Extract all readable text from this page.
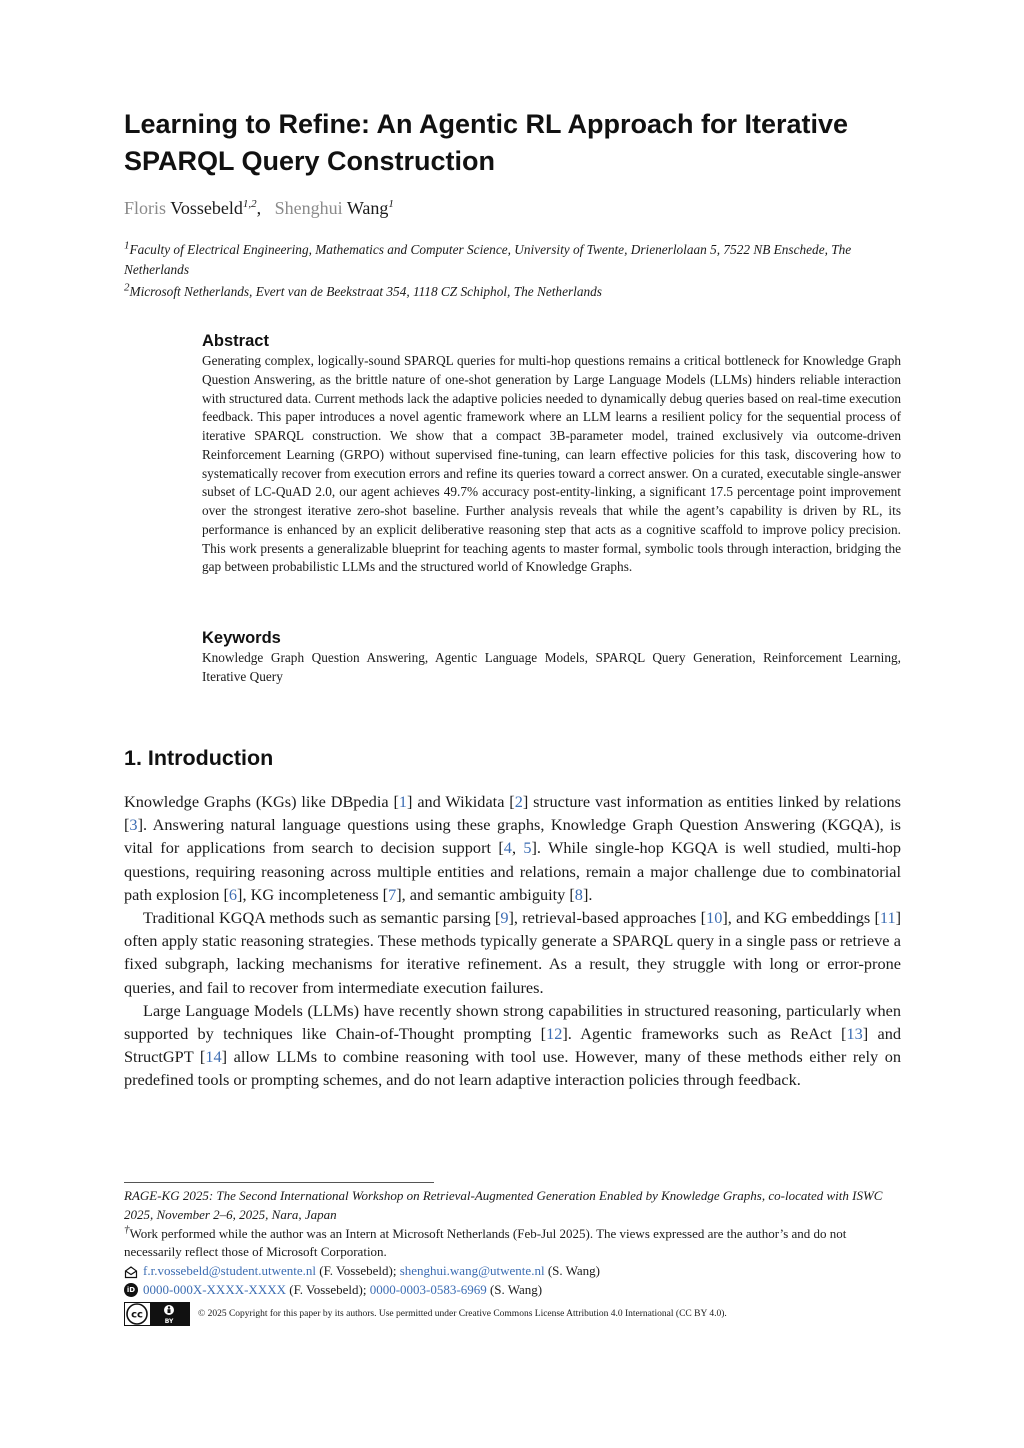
Learning to Refine: An Agentic RL Approach for Iterative SPARQL Query Construction
Floris Vossebeld$^{1,2}$,   Shenghui Wang$^1$

$^1$Faculty of Electrical Engineering, Mathematics and Computer Science, University of Twente, Drienerlolaan 5, 7522 NB Enschede, The Netherlands

$^2$Microsoft Netherlands, Evert van de Beekstraat 354, 1118 CZ Schiphol, The Netherlands

Abstract

Generating complex, logically-sound SPARQL queries for multi-hop questions remains a critical bottleneck for Knowledge Graph Question Answering, as the brittle nature of one-shot generation by Large Language Models (LLMs) hinders reliable interaction with structured data. Current methods lack the adaptive policies needed to dynamically debug queries based on real-time execution feedback. This paper introduces a novel agentic framework where an LLM learns a resilient policy for the sequential process of iterative SPARQL construction. We show that a compact 3B-parameter model, trained exclusively via outcome-driven Reinforcement Learning (GRPO) without supervised fine-tuning, can learn effective policies for this task, discovering how to systematically recover from execution errors and refine its queries toward a correct answer. On a curated, executable single-answer subset of LC-QuAD 2.0, our agent achieves 49.7% accuracy post-entity-linking, a significant 17.5 percentage point improvement over the strongest iterative zero-shot baseline. Further analysis reveals that while the agent’s capability is driven by RL, its performance is enhanced by an explicit deliberative reasoning step that acts as a cognitive scaffold to improve policy precision. This work presents a generalizable blueprint for teaching agents to master formal, symbolic tools through interaction, bridging the gap between probabilistic LLMs and the structured world of Knowledge Graphs.

Keywords

Knowledge Graph Question Answering, Agentic Language Models, SPARQL Query Generation, Reinforcement Learning, Iterative Query

1. Introduction

Knowledge Graphs (KGs) like DBpedia [1] and Wikidata [2] structure vast information as entities linked by relations [3]. Answering natural language questions using these graphs, Knowledge Graph Question Answering (KGQA), is vital for applications from search to decision support [4, 5]. While single-hop KGQA is well studied, multi-hop questions, requiring reasoning across multiple entities and relations, remain a major challenge due to combinatorial path explosion [6], KG incompleteness [7], and semantic ambiguity [8].

Traditional KGQA methods such as semantic parsing [9], retrieval-based approaches [10], and KG embeddings [11] often apply static reasoning strategies. These methods typically generate a SPARQL query in a single pass or retrieve a fixed subgraph, lacking mechanisms for iterative refinement. As a result, they struggle with long or error-prone queries, and fail to recover from intermediate execution failures.

Large Language Models (LLMs) have recently shown strong capabilities in structured reasoning, particularly when supported by techniques like Chain-of-Thought prompting [12]. Agentic frameworks such as ReAct [13] and StructGPT [14] allow LLMs to combine reasoning with tool use. However, many of these methods either rely on predefined tools or prompting schemes, and do not learn adaptive interaction policies through feedback.

RAGE-KG 2025: The Second International Workshop on Retrieval-Augmented Generation Enabled by Knowledge Graphs, co-located with ISWC 2025, November 2–6, 2025, Nara, Japan

†Work performed while the author was an Intern at Microsoft Netherlands (Feb-Jul 2025). The views expressed are the author’s and do not necessarily reflect those of Microsoft Corporation.

f.r.vossebeld@student.utwente.nl (F. Vossebeld); shenghui.wang@utwente.nl (S. Wang)
iD 0000-000X-XXXX-XXXX (F. Vossebeld); 0000-0003-0583-6969 (S. Wang)
cc
BY
© 2025 Copyright for this paper by its authors. Use permitted under Creative Commons License Attribution 4.0 International (CC BY 4.0).
